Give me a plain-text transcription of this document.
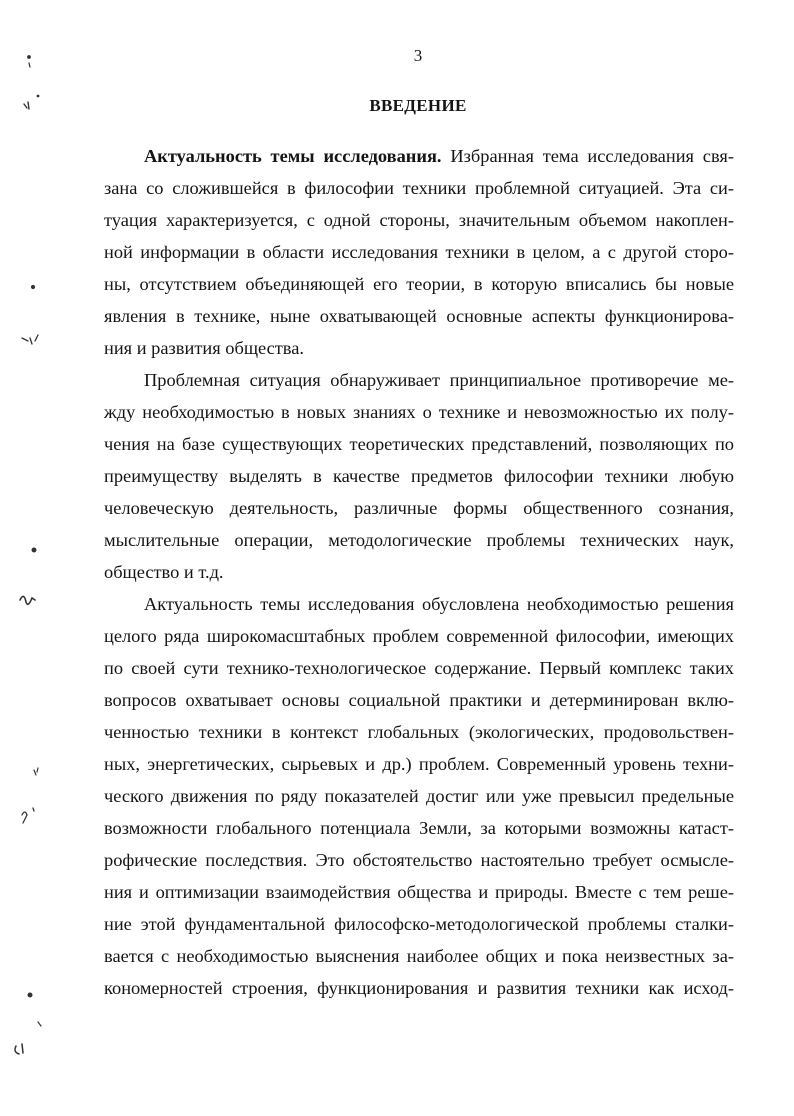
3
ВВЕДЕНИЕ
Актуальность темы исследования. Избранная тема исследования свя-
зана со сложившейся в философии техники проблемной ситуацией. Эта си-
туация характеризуется, с одной стороны, значительным объемом накоплен-
ной информации в области исследования техники в целом, а с другой сторо-
ны, отсутствием объединяющей его теории, в которую вписались бы новые
явления в технике, ныне охватывающей основные аспекты функционирова-
ния и развития общества.
Проблемная ситуация обнаруживает принципиальное противоречие ме-
жду необходимостью в новых знаниях о технике и невозможностью их полу-
чения на базе существующих теоретических представлений, позволяющих по
преимуществу выделять в качестве предметов философии техники любую
человеческую деятельность, различные формы общественного сознания,
мыслительные операции, методологические проблемы технических наук,
общество и т.д.
Актуальность темы исследования обусловлена необходимостью решения
целого ряда широкомасштабных проблем современной философии, имеющих
по своей сути технико-технологическое содержание. Первый комплекс таких
вопросов охватывает основы социальной практики и детерминирован вклю-
ченностью техники в контекст глобальных (экологических, продовольствен-
ных, энергетических, сырьевых и др.) проблем. Современный уровень техни-
ческого движения по ряду показателей достиг или уже превысил предельные
возможности глобального потенциала Земли, за которыми возможны катаст-
рофические последствия. Это обстоятельство настоятельно требует осмысле-
ния и оптимизации взаимодействия общества и природы. Вместе с тем реше-
ние этой фундаментальной философско-методологической проблемы сталки-
вается с необходимостью выяснения наиболее общих и пока неизвестных за-
кономерностей строения, функционирования и развития техники как исход-
